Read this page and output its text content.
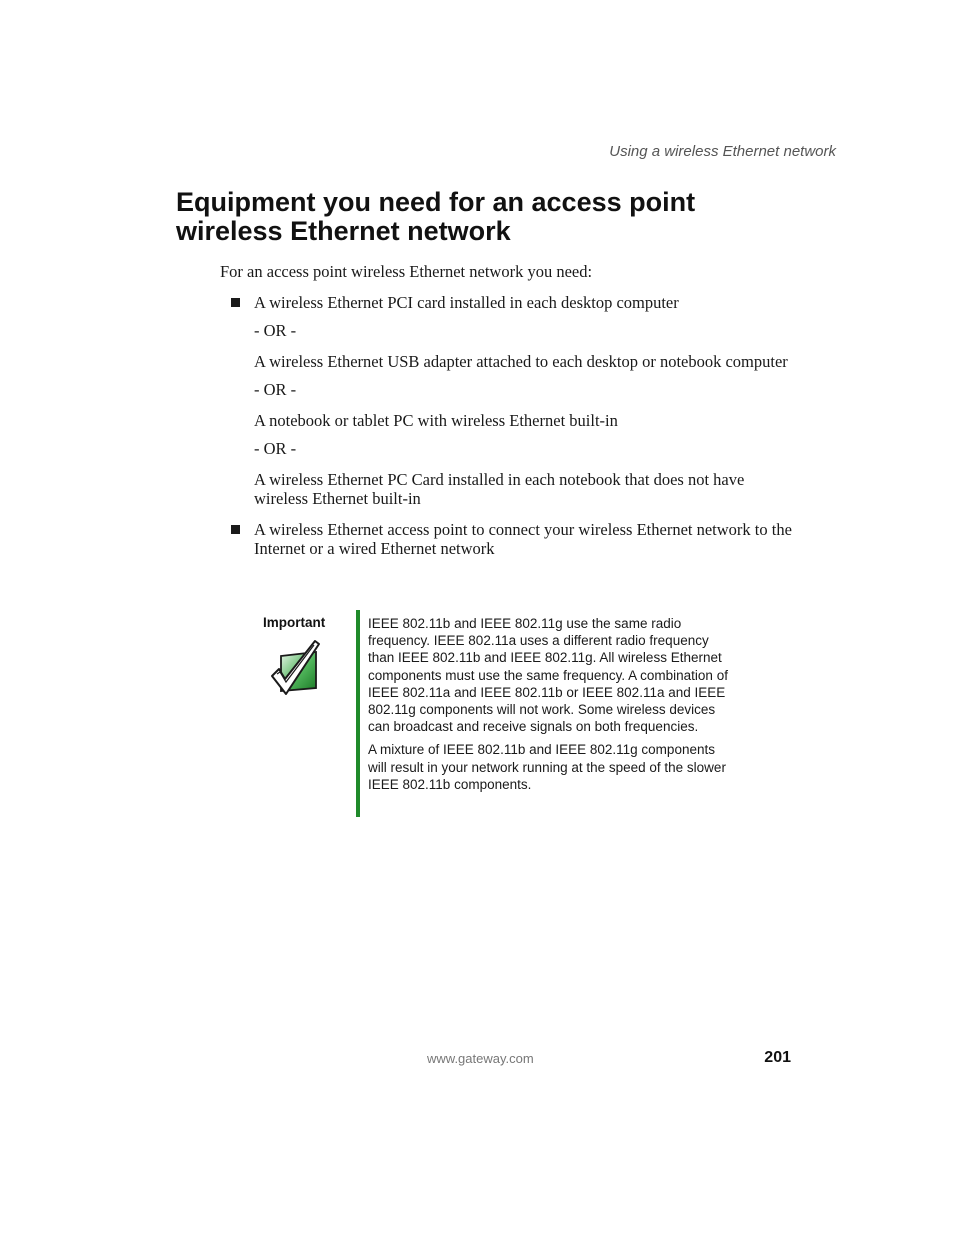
Using a wireless Ethernet network
Equipment you need for an access point
wireless Ethernet network
For an access point wireless Ethernet network you need:

A wireless Ethernet PCI card installed in each desktop computer

- OR -

A wireless Ethernet USB adapter attached to each desktop or notebook computer

- OR -

A notebook or tablet PC with wireless Ethernet built-in

- OR -

A wireless Ethernet PC Card installed in each notebook that does not have wireless Ethernet built-in

A wireless Ethernet access point to connect your wireless Ethernet network to the Internet or a wired Ethernet network

Important	IEEE 802.11b and IEEE 802.11g use the same radio frequency. IEEE 802.11a uses a different radio frequency than IEEE 802.11b and IEEE 802.11g. All wireless Ethernet components must use the same frequency. A combination of IEEE 802.11a and IEEE 802.11b or IEEE 802.11a and IEEE 802.11g components will not work. Some wireless devices can broadcast and receive signals on both frequencies.

A mixture of IEEE 802.11b and IEEE 802.11g components will result in your network running at the speed of the slower IEEE 802.11b components.

www.gateway.com	201
